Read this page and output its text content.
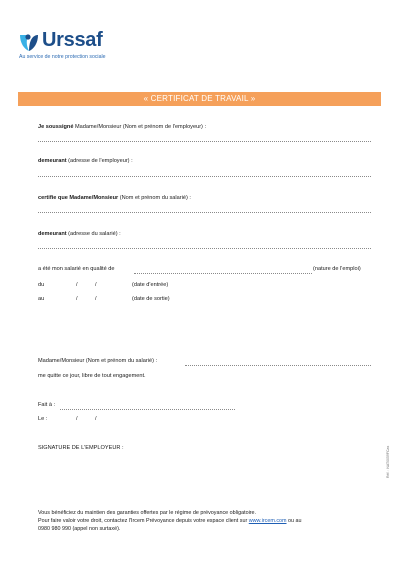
Urssaf
Au service de notre protection sociale
« CERTIFICAT DE TRAVAIL »
Je soussigné Madame/Monsieur (Nom et prénom de l'employeur) :
demeurant (adresse de l'employeur) :
certifie que Madame/Monsieur (Nom et prénom du salarié) :
demeurant (adresse du salarié) :
a été mon salarié en qualité de	(nature de l'emploi)
du	/	/	(date d'entrée)
au	/	/	(date de sortie)
Madame/Monsieur (Nom et prénom du salarié) :
me quitte ce jour, libre de tout engagement.
Fait à :
Le :	/	/
SIGNATURE DE L'EMPLOYEUR :
Vous bénéficiez du maintien des garanties offertes par le régime de prévoyance obligatoire.
Pour faire valoir votre droit, contactez l'Ircem Prévoyance depuis votre espace client sur www.ircem.com ou au
0980 980 990 (appel non surtaxé).
Réf. : NAT0059FCas
